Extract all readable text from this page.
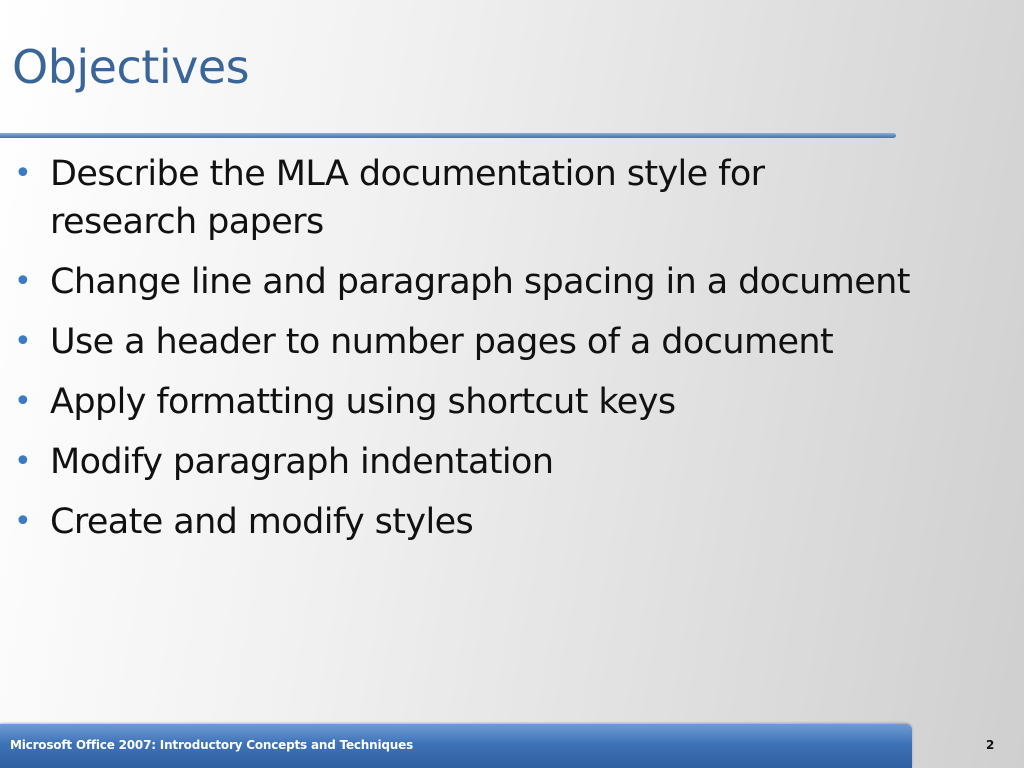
Objectives
• Describe the MLA documentation style for research papers
• Change line and paragraph spacing in a document
• Use a header to number pages of a document
• Apply formatting using shortcut keys
• Modify paragraph indentation
• Create and modify styles
Microsoft Office 2007: Introductory Concepts and Techniques	2
